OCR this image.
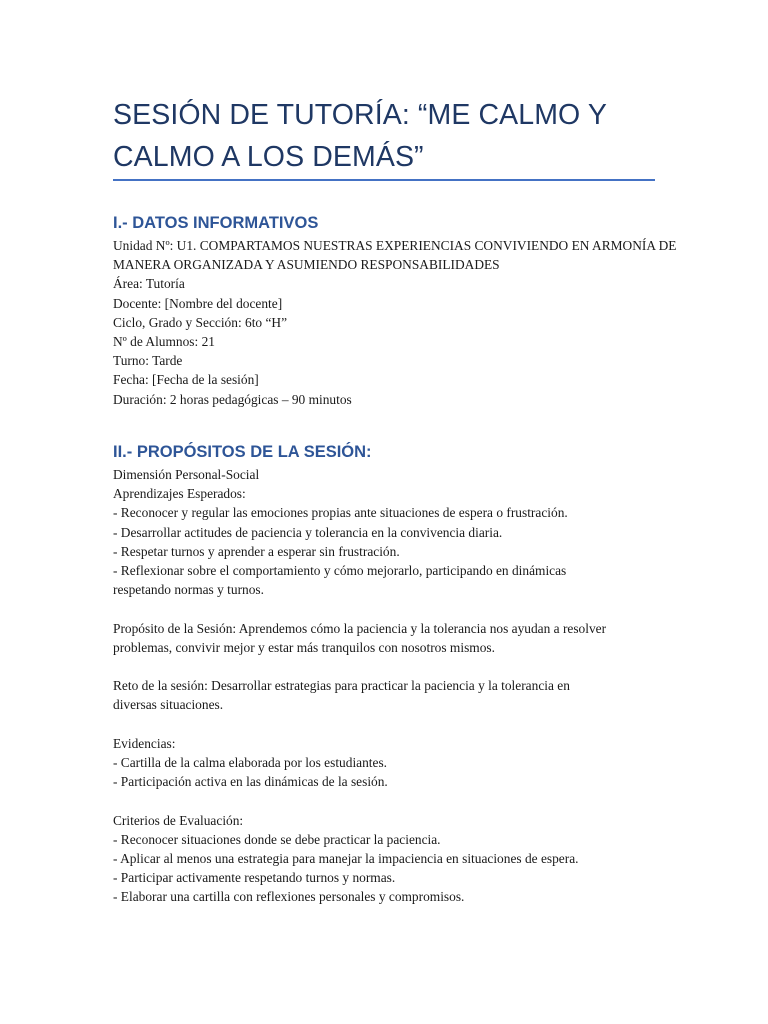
SESIÓN DE TUTORÍA: “ME CALMO Y
CALMO A LOS DEMÁS”
I.- DATOS INFORMATIVOS
Unidad Nº: U1. COMPARTAMOS NUESTRAS EXPERIENCIAS CONVIVIENDO EN ARMONÍA DE
MANERA ORGANIZADA Y ASUMIENDO RESPONSABILIDADES
Área: Tutoría
Docente: [Nombre del docente]
Ciclo, Grado y Sección: 6to “H”
Nº de Alumnos: 21
Turno: Tarde
Fecha: [Fecha de la sesión]
Duración: 2 horas pedagógicas – 90 minutos
II.- PROPÓSITOS DE LA SESIÓN:
Dimensión Personal-Social
Aprendizajes Esperados:
- Reconocer y regular las emociones propias ante situaciones de espera o frustración.
- Desarrollar actitudes de paciencia y tolerancia en la convivencia diaria.
- Respetar turnos y aprender a esperar sin frustración.
- Reflexionar sobre el comportamiento y cómo mejorarlo, participando en dinámicas
respetando normas y turnos.
Propósito de la Sesión: Aprendemos cómo la paciencia y la tolerancia nos ayudan a resolver
problemas, convivir mejor y estar más tranquilos con nosotros mismos.
Reto de la sesión: Desarrollar estrategias para practicar la paciencia y la tolerancia en
diversas situaciones.
Evidencias:
- Cartilla de la calma elaborada por los estudiantes.
- Participación activa en las dinámicas de la sesión.
Criterios de Evaluación:
- Reconocer situaciones donde se debe practicar la paciencia.
- Aplicar al menos una estrategia para manejar la impaciencia en situaciones de espera.
- Participar activamente respetando turnos y normas.
- Elaborar una cartilla con reflexiones personales y compromisos.
